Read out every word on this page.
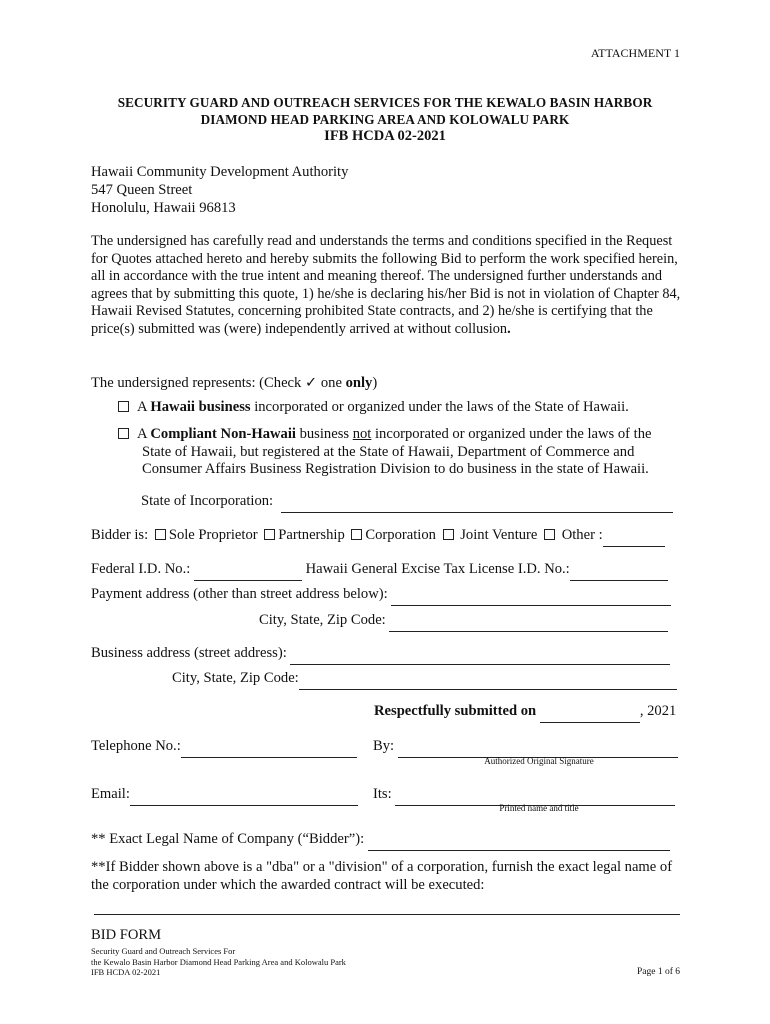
ATTACHMENT 1
SECURITY GUARD AND OUTREACH SERVICES FOR THE KEWALO BASIN HARBOR
DIAMOND HEAD PARKING AREA AND KOLOWALU PARK
IFB HCDA 02-2021
Hawaii Community Development Authority
547 Queen Street
Honolulu, Hawaii 96813
The undersigned has carefully read and understands the terms and conditions specified in the Request for Quotes attached hereto and hereby submits the following Bid to perform the work specified herein, all in accordance with the true intent and meaning thereof. The undersigned further understands and agrees that by submitting this quote, 1) he/she is declaring his/her Bid is not in violation of Chapter 84, Hawaii Revised Statutes, concerning prohibited State contracts, and 2) he/she is certifying that the price(s) submitted was (were) independently arrived at without collusion.
The undersigned represents: (Check ✓ one only)
A Hawaii business incorporated or organized under the laws of the State of Hawaii.
A Compliant Non-Hawaii business not incorporated or organized under the laws of the
State of Hawaii, but registered at the State of Hawaii, Department of Commerce and Consumer Affairs Business Registration Division to do business in the state of Hawaii.
State of Incorporation:
Bidder is: Sole Proprietor Partnership Corporation  Joint Venture  Other :
Federal I.D. No.:	Hawaii General Excise Tax License I.D. No.:
Payment address (other than street address below):
City, State, Zip Code:
Business address (street address):
City, State, Zip Code:
Respectfully submitted on	, 2021
Telephone No.:	By:
Authorized Original Signature
Email:	Its:
Printed name and title
** Exact Legal Name of Company (“Bidder”):
**If Bidder shown above is a "dba" or a "division" of a corporation, furnish the exact legal name of the corporation under which the awarded contract will be executed:
BID FORM
Security Guard and Outreach Services For
the Kewalo Basin Harbor Diamond Head Parking Area and Kolowalu Park
IFB HCDA 02-2021	Page 1 of 6
